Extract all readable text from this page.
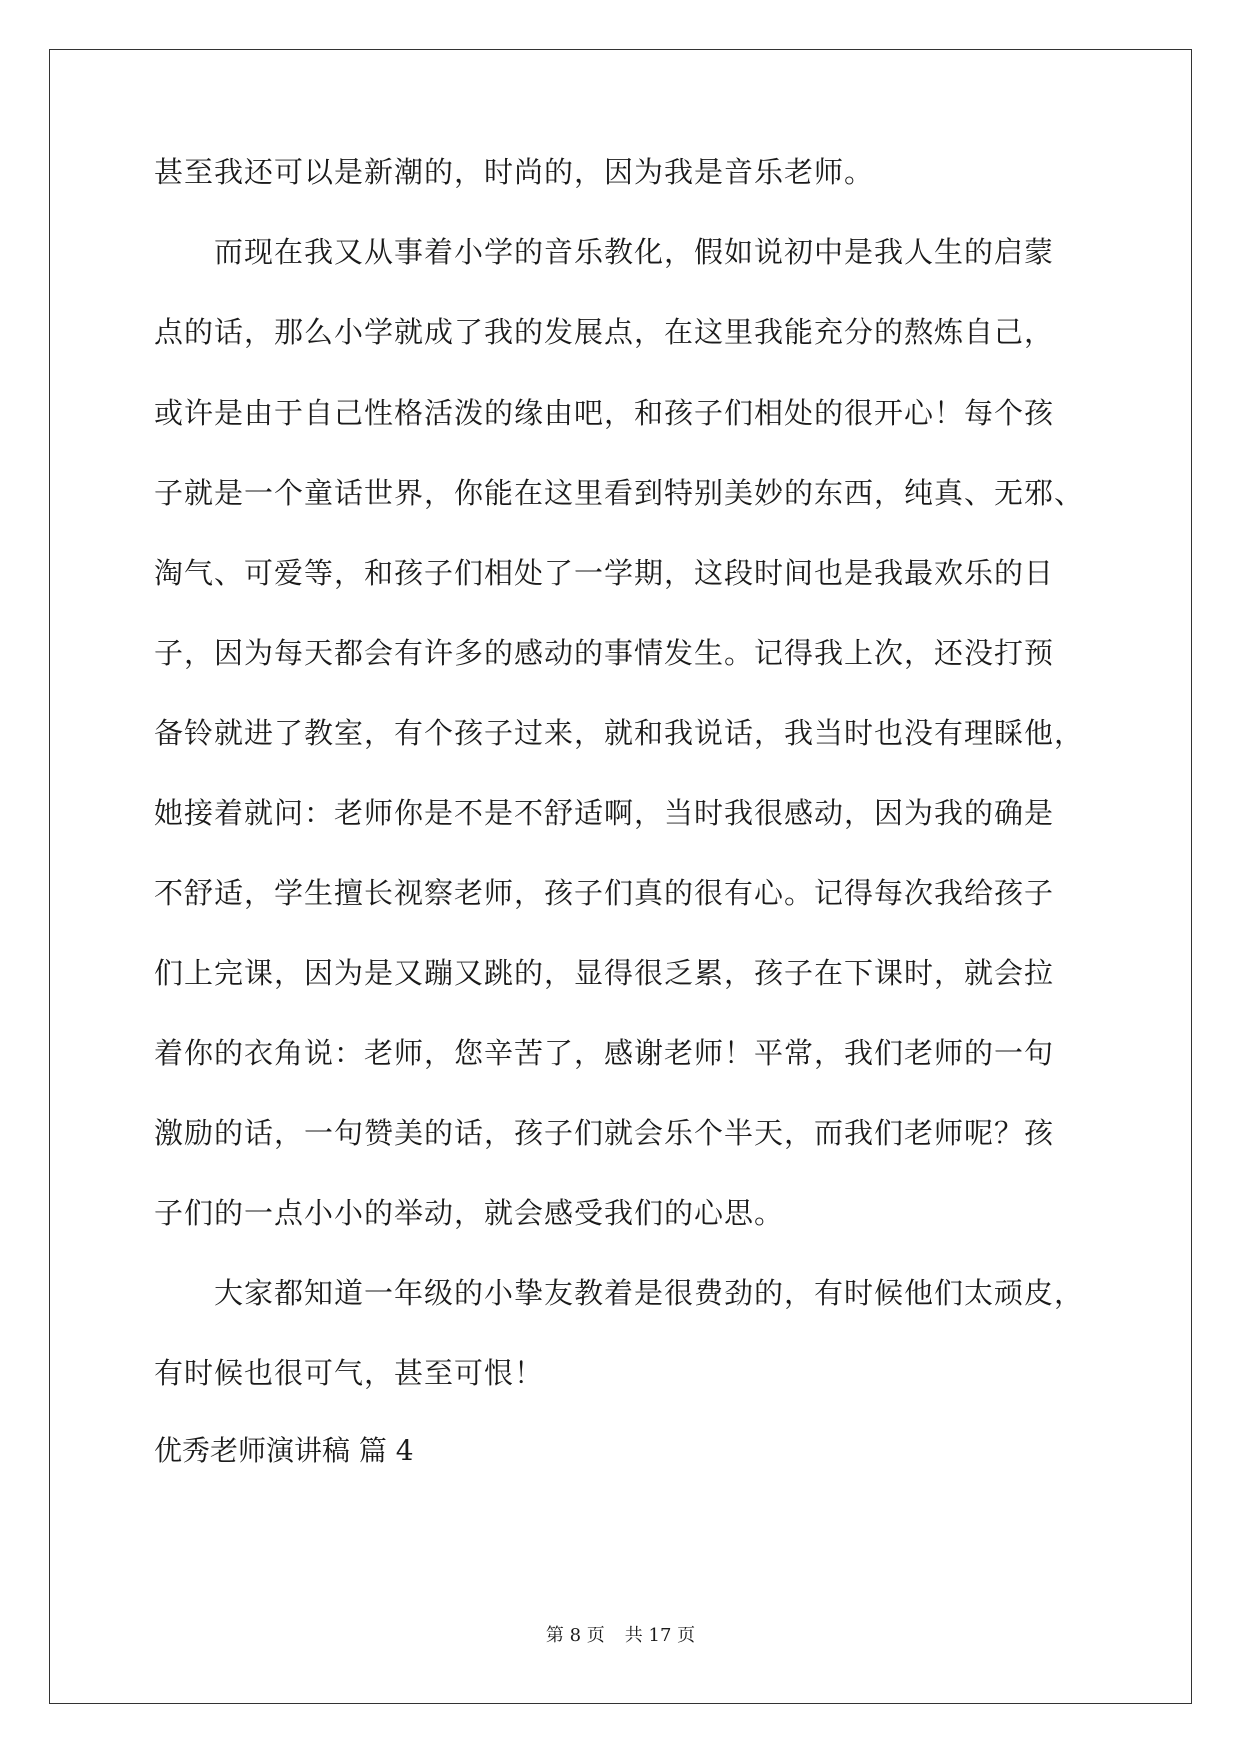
甚至我还可以是新潮的，时尚的，因为我是音乐老师。
　　而现在我又从事着小学的音乐教化，假如说初中是我人生的启蒙
点的话，那么小学就成了我的发展点，在这里我能充分的熬炼自己，
或许是由于自己性格活泼的缘由吧，和孩子们相处的很开心！每个孩
子就是一个童话世界，你能在这里看到特别美妙的东西，纯真、无邪、
淘气、可爱等，和孩子们相处了一学期，这段时间也是我最欢乐的日
子，因为每天都会有许多的感动的事情发生。记得我上次，还没打预
备铃就进了教室，有个孩子过来，就和我说话，我当时也没有理睬他，
她接着就问：老师你是不是不舒适啊，当时我很感动，因为我的确是
不舒适，学生擅长视察老师，孩子们真的很有心。记得每次我给孩子
们上完课，因为是又蹦又跳的，显得很乏累，孩子在下课时，就会拉
着你的衣角说：老师，您辛苦了，感谢老师！平常，我们老师的一句
激励的话，一句赞美的话，孩子们就会乐个半天，而我们老师呢？孩
子们的一点小小的举动，就会感受我们的心思。
　　大家都知道一年级的小挚友教着是很费劲的，有时候他们太顽皮，
有时候也很可气，甚至可恨！
优秀老师演讲稿 篇 4
第 8 页 共 17 页
